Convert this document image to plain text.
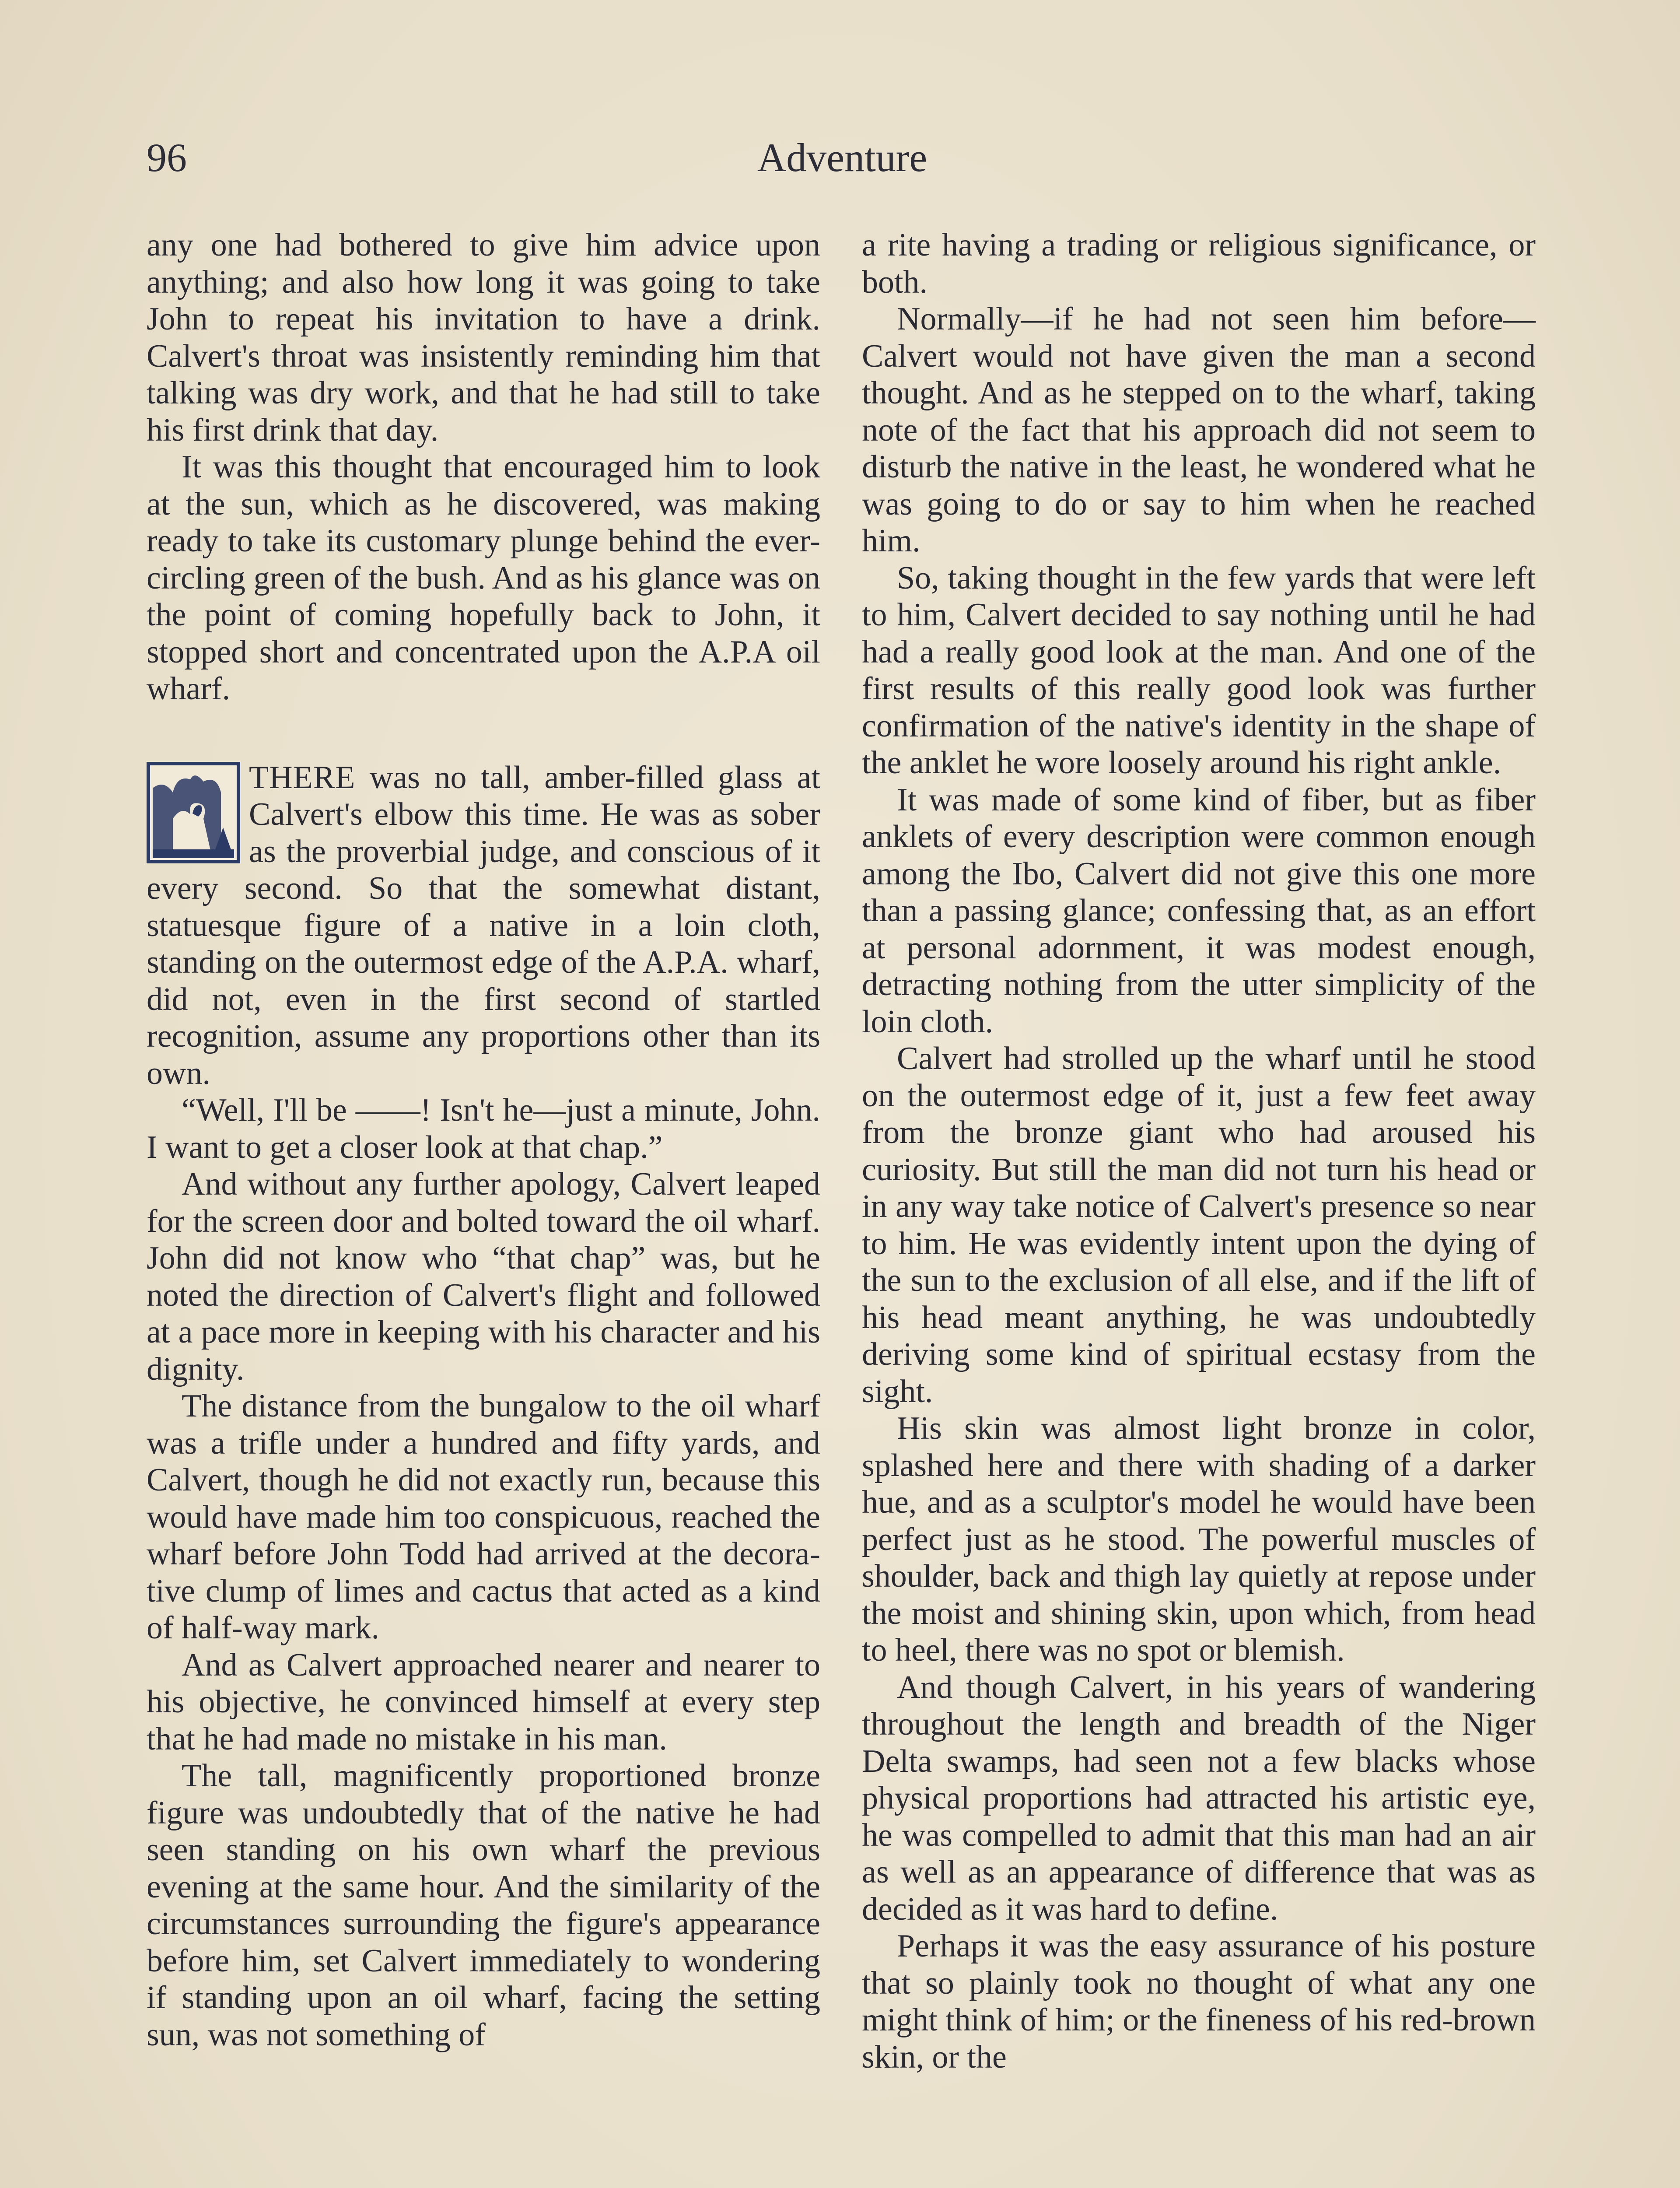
96	Adventure

any one had bothered to give him advice upon anything; and also how long it was going to take John to repeat his invitation to have a drink. Calvert's throat was insistently reminding him that talking was dry work, and that he had still to take his first drink that day.

It was this thought that encouraged him to look at the sun, which as he discovered, was making ready to take its customary plunge behind the ever-circling green of the bush. And as his glance was on the point of coming hopefully back to John, it stopped short and concentrated upon the A.P.A oil wharf.

THERE was no tall, amber-filled glass at Calvert's elbow this time. He was as sober as the proverbial judge, and conscious of it every second. So that the somewhat distant, statuesque figure of a native in a loin cloth, standing on the outermost edge of the A.P.A. wharf, did not, even in the first second of startled recognition, assume any proportions other than its own.

“Well, I'll be ——! Isn't he—just a minute, John. I want to get a closer look at that chap.”

And without any further apology, Calvert leaped for the screen door and bolted toward the oil wharf. John did not know who “that chap” was, but he noted the direction of Calvert's flight and followed at a pace more in keeping with his character and his dignity.

The distance from the bungalow to the oil wharf was a trifle under a hundred and fifty yards, and Calvert, though he did not exactly run, because this would have made him too conspicuous, reached the wharf before John Todd had arrived at the decorative clump of limes and cactus that acted as a kind of half-way mark.

And as Calvert approached nearer and nearer to his objective, he convinced himself at every step that he had made no mistake in his man.

The tall, magnificently proportioned bronze figure was undoubtedly that of the native he had seen standing on his own wharf the previous evening at the same hour. And the similarity of the circumstances surrounding the figure's appearance before him, set Calvert immediately to wondering if standing upon an oil wharf, facing the setting sun, was not something of

a rite having a trading or religious significance, or both.

Normally—if he had not seen him before—Calvert would not have given the man a second thought. And as he stepped on to the wharf, taking note of the fact that his approach did not seem to disturb the native in the least, he wondered what he was going to do or say to him when he reached him.

So, taking thought in the few yards that were left to him, Calvert decided to say nothing until he had had a really good look at the man. And one of the first results of this really good look was further confirmation of the native's identity in the shape of the anklet he wore loosely around his right ankle.

It was made of some kind of fiber, but as fiber anklets of every description were common enough among the Ibo, Calvert did not give this one more than a passing glance; confessing that, as an effort at personal adornment, it was modest enough, detracting nothing from the utter simplicity of the loin cloth.

Calvert had strolled up the wharf until he stood on the outermost edge of it, just a few feet away from the bronze giant who had aroused his curiosity. But still the man did not turn his head or in any way take notice of Calvert's presence so near to him. He was evidently intent upon the dying of the sun to the exclusion of all else, and if the lift of his head meant anything, he was undoubtedly deriving some kind of spiritual ecstasy from the sight.

His skin was almost light bronze in color, splashed here and there with shading of a darker hue, and as a sculptor's model he would have been perfect just as he stood. The powerful muscles of shoulder, back and thigh lay quietly at repose under the moist and shining skin, upon which, from head to heel, there was no spot or blemish.

And though Calvert, in his years of wandering throughout the length and breadth of the Niger Delta swamps, had seen not a few blacks whose physical proportions had attracted his artistic eye, he was compelled to admit that this man had an air as well as an appearance of difference that was as decided as it was hard to define.

Perhaps it was the easy assurance of his posture that so plainly took no thought of what any one might think of him; or the fineness of his red-brown skin, or the
